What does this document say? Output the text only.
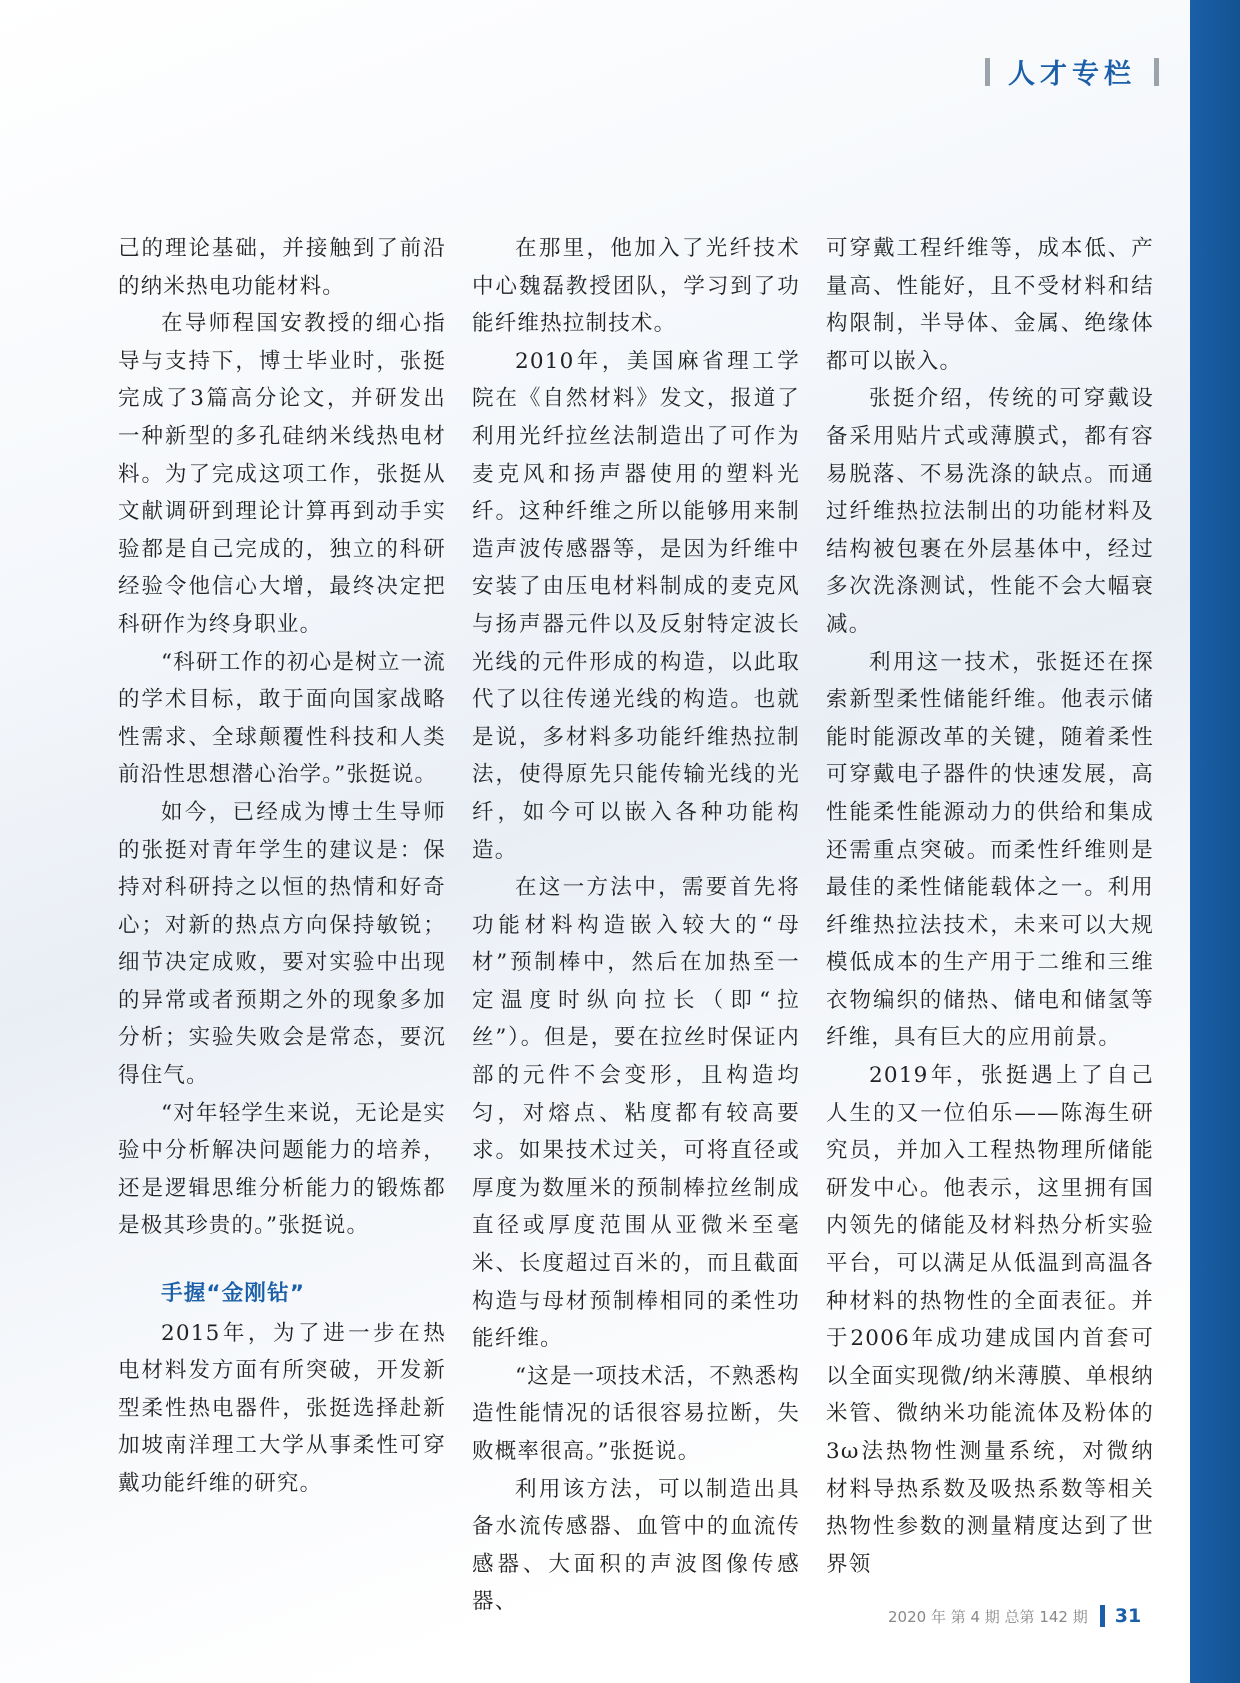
人才专栏

己的理论基础，并接触到了前沿的纳米热电功能材料。

在导师程国安教授的细心指导与支持下，博士毕业时，张挺完成了3篇高分论文，并研发出一种新型的多孔硅纳米线热电材料。为了完成这项工作，张挺从文献调研到理论计算再到动手实验都是自己完成的，独立的科研经验令他信心大增，最终决定把科研作为终身职业。

“科研工作的初心是树立一流的学术目标，敢于面向国家战略性需求、全球颠覆性科技和人类前沿性思想潜心治学。”张挺说。

如今，已经成为博士生导师的张挺对青年学生的建议是：保持对科研持之以恒的热情和好奇心；对新的热点方向保持敏锐；细节决定成败，要对实验中出现的异常或者预期之外的现象多加分析；实验失败会是常态，要沉得住气。

“对年轻学生来说，无论是实验中分析解决问题能力的培养，还是逻辑思维分析能力的锻炼都是极其珍贵的。”张挺说。

手握“金刚钻”

2015年，为了进一步在热电材料发方面有所突破，开发新型柔性热电器件，张挺选择赴新加坡南洋理工大学从事柔性可穿戴功能纤维的研究。

在那里，他加入了光纤技术中心魏磊教授团队，学习到了功能纤维热拉制技术。

2010年，美国麻省理工学院在《自然材料》发文，报道了利用光纤拉丝法制造出了可作为麦克风和扬声器使用的塑料光纤。这种纤维之所以能够用来制造声波传感器等，是因为纤维中安装了由压电材料制成的麦克风与扬声器元件以及反射特定波长光线的元件形成的构造，以此取代了以往传递光线的构造。也就是说，多材料多功能纤维热拉制法，使得原先只能传输光线的光纤，如今可以嵌入各种功能构造。

在这一方法中，需要首先将功能材料构造嵌入较大的“母材”预制棒中，然后在加热至一定温度时纵向拉长（即“拉丝”）。但是，要在拉丝时保证内部的元件不会变形，且构造均匀，对熔点、粘度都有较高要求。如果技术过关，可将直径或厚度为数厘米的预制棒拉丝制成直径或厚度范围从亚微米至毫米、长度超过百米的，而且截面构造与母材预制棒相同的柔性功能纤维。

“这是一项技术活，不熟悉构造性能情况的话很容易拉断，失败概率很高。”张挺说。

利用该方法，可以制造出具备水流传感器、血管中的血流传感器、大面积的声波图像传感器、

可穿戴工程纤维等，成本低、产量高、性能好，且不受材料和结构限制，半导体、金属、绝缘体都可以嵌入。

张挺介绍，传统的可穿戴设备采用贴片式或薄膜式，都有容易脱落、不易洗涤的缺点。而通过纤维热拉法制出的功能材料及结构被包裹在外层基体中，经过多次洗涤测试，性能不会大幅衰减。

利用这一技术，张挺还在探索新型柔性储能纤维。他表示储能时能源改革的关键，随着柔性可穿戴电子器件的快速发展，高性能柔性能源动力的供给和集成还需重点突破。而柔性纤维则是最佳的柔性储能载体之一。利用纤维热拉法技术，未来可以大规模低成本的生产用于二维和三维衣物编织的储热、储电和储氢等纤维，具有巨大的应用前景。

2019年，张挺遇上了自己人生的又一位伯乐——陈海生研究员，并加入工程热物理所储能研发中心。他表示，这里拥有国内领先的储能及材料热分析实验平台，可以满足从低温到高温各种材料的热物性的全面表征。并于2006年成功建成国内首套可以全面实现微/纳米薄膜、单根纳米管、微纳米功能流体及粉体的3ω法热物性测量系统，对微纳材料导热系数及吸热系数等相关热物性参数的测量精度达到了世界领

2020 年 第 4 期 总第 142 期 31
